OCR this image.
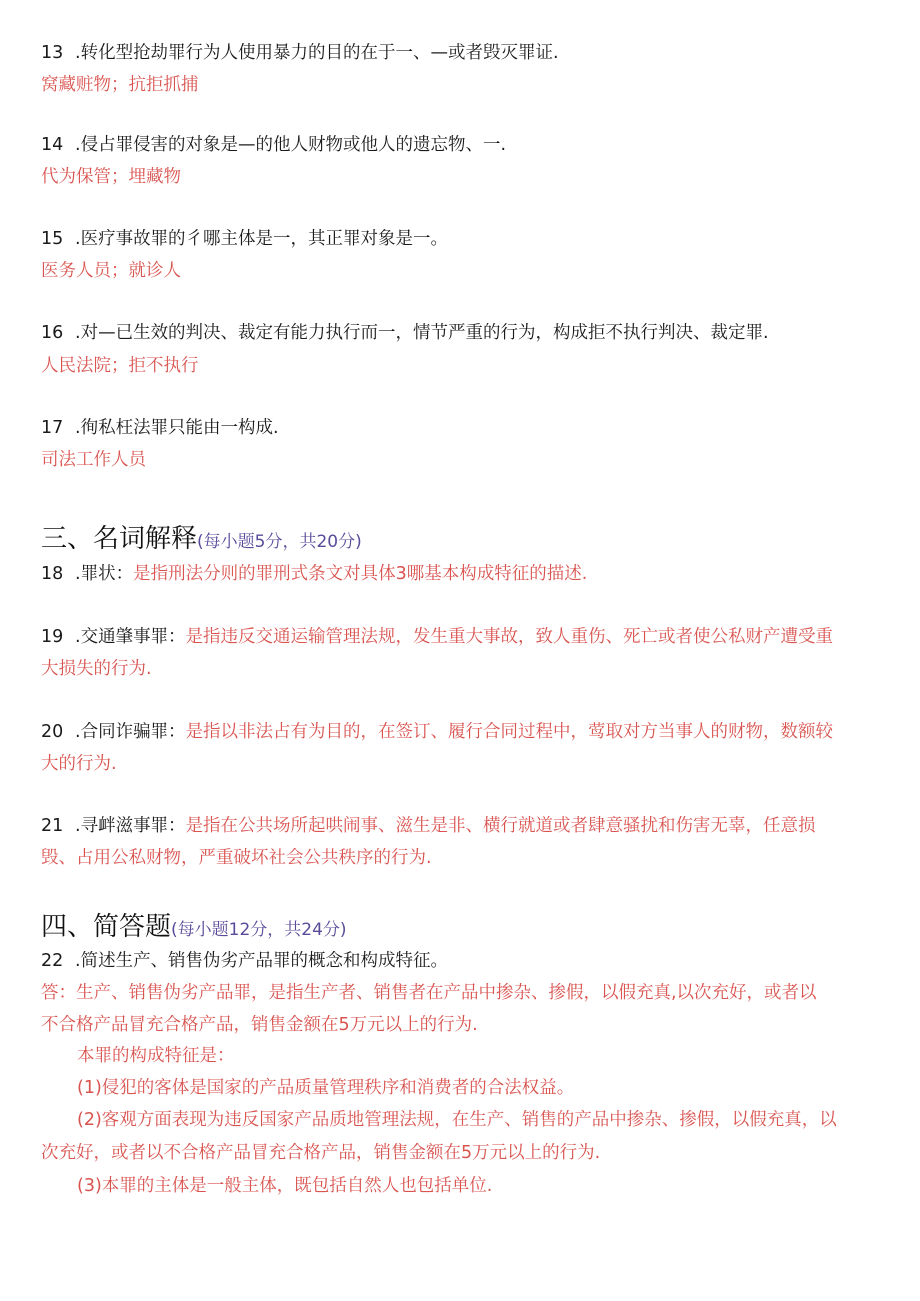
13 .转化型抢劫罪行为人使用暴力的目的在于一、—或者毁灭罪证.
窝藏赃物；抗拒抓捕
14 .侵占罪侵害的对象是—的他人财物或他人的遗忘物、一.
代为保管；埋藏物
15 .医疗事故罪的彳哪主体是一，其正罪对象是一。
医务人员；就诊人
16 .对—已生效的判决、裁定有能力执行而一，情节严重的行为，构成拒不执行判决、裁定罪.
人民法院；拒不执行
17 .徇私枉法罪只能由一构成.
司法工作人员
三、名词解释(每小题5分，共20分)
18 .罪状：是指刑法分则的罪刑式条文对具体3哪基本构成特征的描述.
19 .交通肇事罪：是指违反交通运输管理法规，发生重大事故，致人重伤、死亡或者使公私财产遭受重
大损失的行为.
20 .合同诈骗罪：是指以非法占有为目的，在签订、履行合同过程中，莺取对方当事人的财物，数额较
大的行为.
21 .寻衅滋事罪：是指在公共场所起哄闹事、滋生是非、横行就道或者肆意骚扰和伤害无辜，任意损
毁、占用公私财物，严重破坏社会公共秩序的行为.
四、简答题(每小题12分，共24分)
22 .简述生产、销售伪劣产品罪的概念和构成特征。
答：生产、销售伪劣产品罪，是指生产者、销售者在产品中掺杂、掺假，以假充真,以次充好，或者以
不合格产品冒充合格产品，销售金额在5万元以上的行为.
本罪的构成特征是：
(1)侵犯的客体是国家的产品质量管理秩序和消费者的合法权益。
(2)客观方面表现为违反国家产品质地管理法规，在生产、销售的产品中掺杂、掺假，以假充真，以
次充好，或者以不合格产品冒充合格产品，销售金额在5万元以上的行为.
(3)本罪的主体是一般主体，既包括自然人也包括单位.
